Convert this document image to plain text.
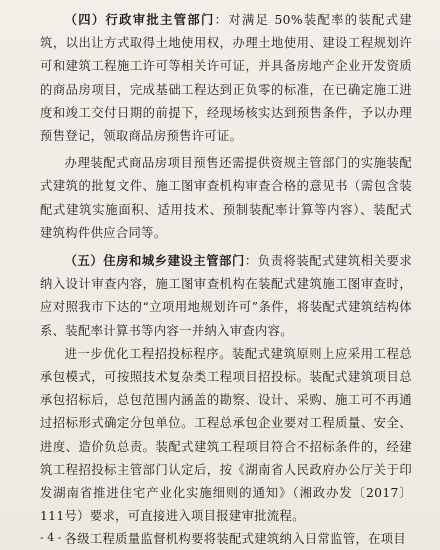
（四）行政审批主管部门：对满足 50%装配率的装配式建筑，以出让方式取得土地使用权，办理土地使用、建设工程规划许可和建筑工程施工许可等相关许可证，并具备房地产企业开发资质的商品房项目，完成基础工程达到正负零的标准，在已确定施工进度和竣工交付日期的前提下，经现场核实达到预售条件，予以办理预售登记，领取商品房预售许可证。

办理装配式商品房项目预售还需提供资规主管部门的实施装配式建筑的批复文件、施工图审查机构审查合格的意见书（需包含装配式建筑实施面积、适用技术、预制装配率计算等内容）、装配式建筑构件供应合同等。

（五）住房和城乡建设主管部门：负责将装配式建筑相关要求纳入设计审查内容，施工图审查机构在装配式建筑施工图审查时，应对照我市下达的“立项用地规划许可”条件，将装配式建筑结构体系、装配率计算书等内容一并纳入审查内容。

进一步优化工程招投标程序。装配式建筑原则上应采用工程总承包模式，可按照技术复杂类工程项目招投标。装配式建筑项目总承包招标后，总包范围内涵盖的勘察、设计、采购、施工可不再通过招标形式确定分包单位。工程总承包企业要对工程质量、安全、进度、造价负总责。装配式建筑工程项目符合不招标条件的，经建筑工程招投标主管部门认定后，按《湖南省人民政府办公厅关于印发湖南省推进住宅产业化实施细则的通知》（湘政办发〔2017〕111号）要求，可直接进入项目报建审批流程。

各级工程质量监督机构要将装配式建筑纳入日常监管，在项目

- 4 -
